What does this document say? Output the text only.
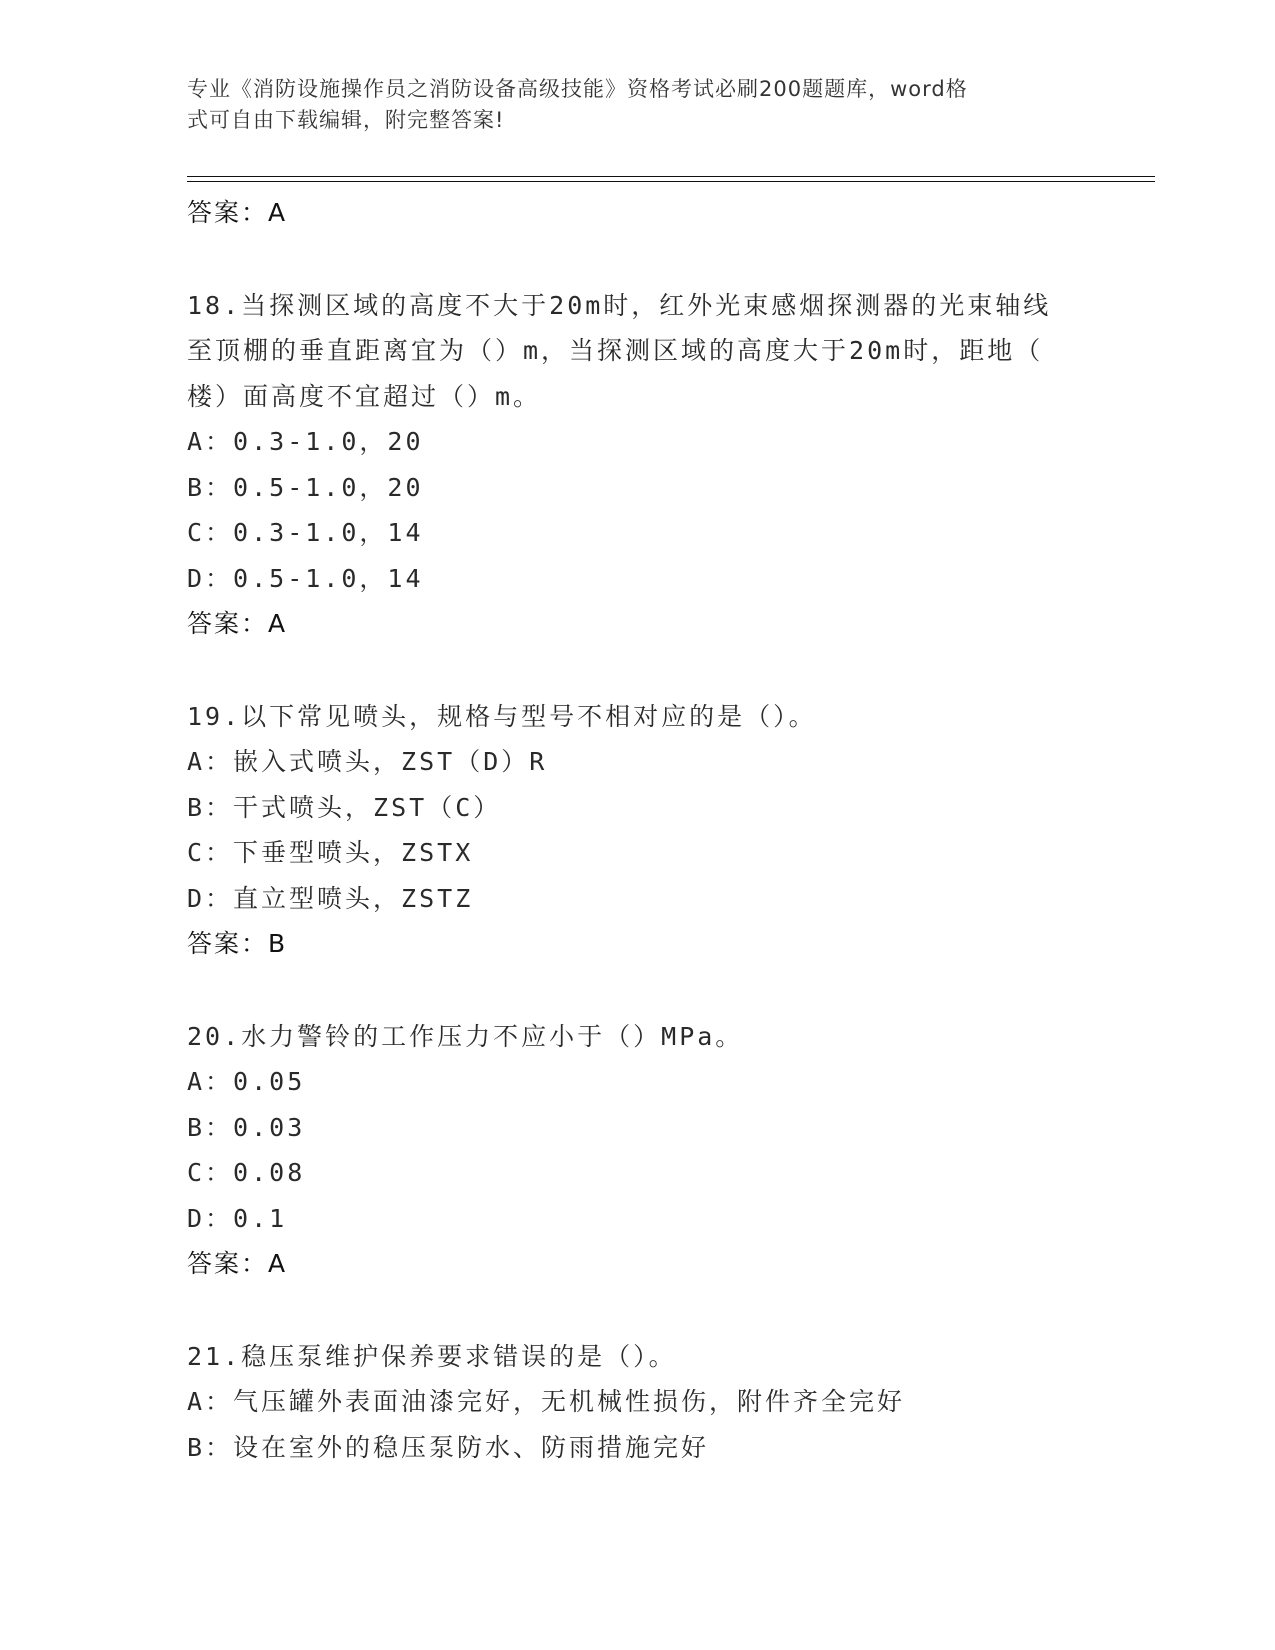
专业《消防设施操作员之消防设备高级技能》资格考试必刷200题题库，word格
式可自由下载编辑，附完整答案!
答案：A
18.当探测区域的高度不大于20m时，红外光束感烟探测器的光束轴线
至顶棚的垂直距离宜为（）m，当探测区域的高度大于20m时，距地（
楼）面高度不宜超过（）m。
A：0.3-1.0，20
B：0.5-1.0，20
C：0.3-1.0，14
D：0.5-1.0，14
答案：A
19.以下常见喷头，规格与型号不相对应的是（）。
A：嵌入式喷头，ZST（D）R
B：干式喷头，ZST（C）
C：下垂型喷头，ZSTX
D：直立型喷头，ZSTZ
答案：B
20.水力警铃的工作压力不应小于（）MPa。
A：0.05
B：0.03
C：0.08
D：0.1
答案：A
21.稳压泵维护保养要求错误的是（）。
A：气压罐外表面油漆完好，无机械性损伤，附件齐全完好
B：设在室外的稳压泵防水、防雨措施完好
